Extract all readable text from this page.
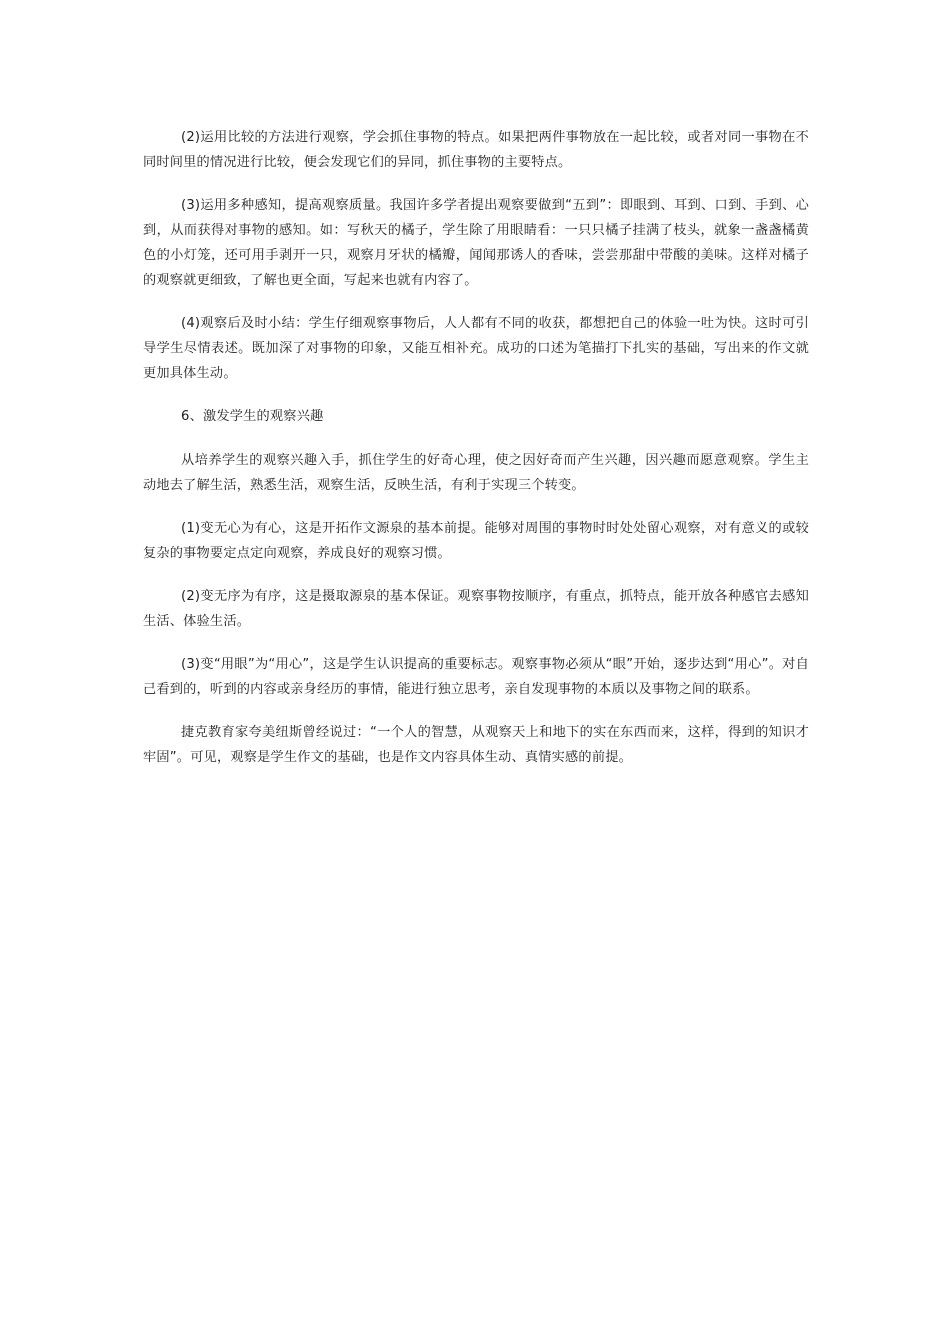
(2)运用比较的方法进行观察，学会抓住事物的特点。如果把两件事物放在一起比较，或者对同一事物在不同时间里的情况进行比较，便会发现它们的异同，抓住事物的主要特点。

(3)运用多种感知，提高观察质量。我国许多学者提出观察要做到“五到”：即眼到、耳到、口到、手到、心到，从而获得对事物的感知。如：写秋天的橘子，学生除了用眼睛看：一只只橘子挂满了枝头，就象一盏盏橘黄色的小灯笼，还可用手剥开一只，观察月牙状的橘瓣，闻闻那诱人的香味，尝尝那甜中带酸的美味。这样对橘子的观察就更细致，了解也更全面，写起来也就有内容了。

(4)观察后及时小结：学生仔细观察事物后，人人都有不同的收获，都想把自己的体验一吐为快。这时可引导学生尽情表述。既加深了对事物的印象，又能互相补充。成功的口述为笔描打下扎实的基础，写出来的作文就更加具体生动。

6、激发学生的观察兴趣

从培养学生的观察兴趣入手，抓住学生的好奇心理，使之因好奇而产生兴趣，因兴趣而愿意观察。学生主动地去了解生活，熟悉生活，观察生活，反映生活，有利于实现三个转变。

(1)变无心为有心，这是开拓作文源泉的基本前提。能够对周围的事物时时处处留心观察，对有意义的或较复杂的事物要定点定向观察，养成良好的观察习惯。

(2)变无序为有序，这是摄取源泉的基本保证。观察事物按顺序，有重点，抓特点，能开放各种感官去感知生活、体验生活。

(3)变“用眼”为“用心”，这是学生认识提高的重要标志。观察事物必须从“眼”开始，逐步达到“用心”。对自己看到的，听到的内容或亲身经历的事情，能进行独立思考，亲自发现事物的本质以及事物之间的联系。

捷克教育家夸美纽斯曾经说过：“一个人的智慧，从观察天上和地下的实在东西而来，这样，得到的知识才牢固”。可见，观察是学生作文的基础，也是作文内容具体生动、真情实感的前提。
